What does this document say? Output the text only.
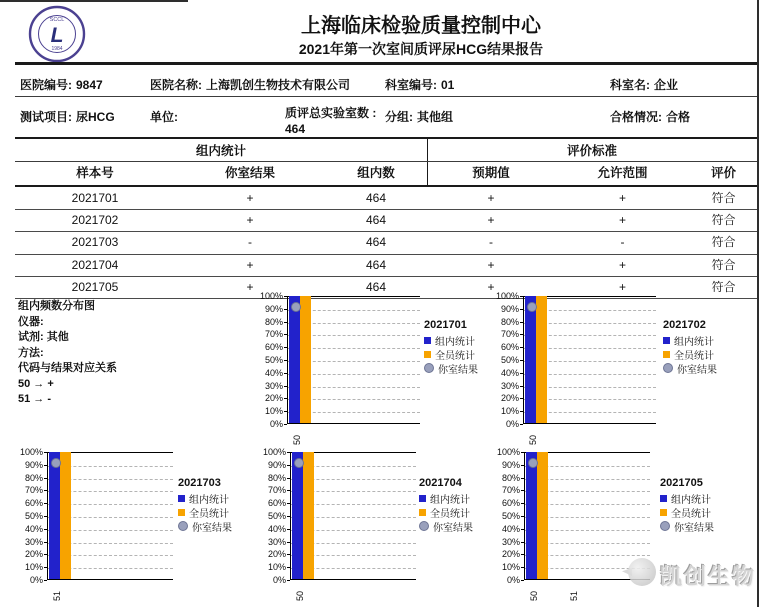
SCCL
L
1984
上海临床检验质量控制中心
2021年第一次室间质评尿HCG结果报告
医院编号: 9847	医院名称: 上海凯创生物技术有限公司	科室编号: 01	科室名: 企业
测试项目: 尿HCG	单位:	质评总实验室数 : 464
分组: 其他组	合格情况: 合格
组内统计	评价标准
样本号	你室结果	组内数	预期值	允许范围	评价
2021701	+	464	+	+	符合
2021702	+	464	+	+	符合
2021703	-	464	-	-	符合
2021704	+	464	+	+	符合
2021705	+	464	+	+	符合
组内频数分布图
仪器:
试剂: 其他
方法:
代码与结果对应关系
50 → +
51 → -
100%
90%
80%
70%
60%
50%
40%
30%
20%
10%
0%
50
2021701
组内统计
全员统计
你室结果
100%
90%
80%
70%
60%
50%
40%
30%
20%
10%
0%
50
2021702
组内统计
全员统计
你室结果
100%
90%
80%
70%
60%
50%
40%
30%
20%
10%
0%
51
2021703
组内统计
全员统计
你室结果
100%
90%
80%
70%
60%
50%
40%
30%
20%
10%
0%
50
2021704
组内统计
全员统计
你室结果
100%
90%
80%
70%
60%
50%
40%
30%
20%
10%
0%
50	51
2021705
组内统计
全员统计
你室结果
凯创生物
